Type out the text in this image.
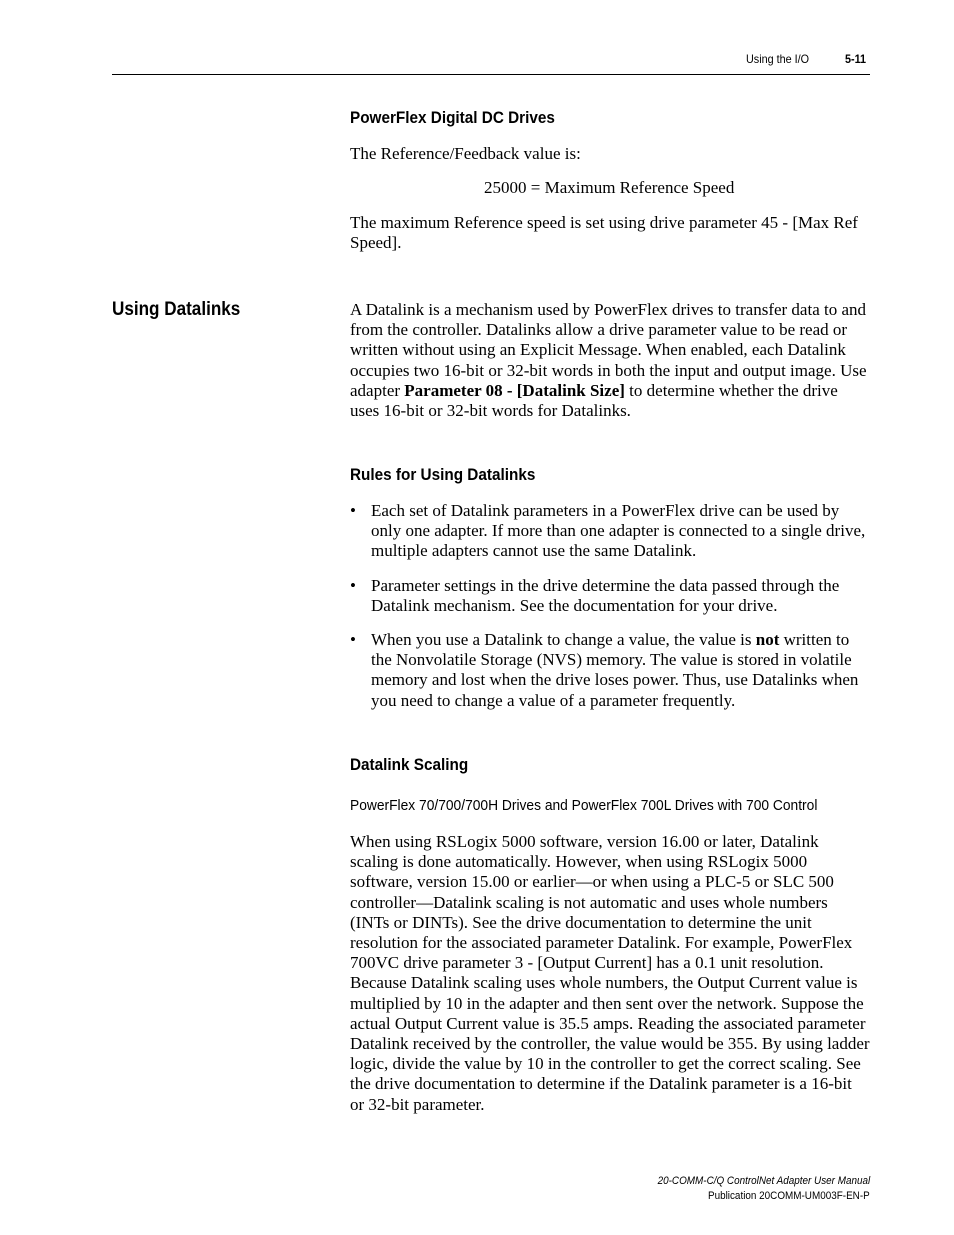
Using the I/O	5-11
PowerFlex Digital DC Drives
The Reference/Feedback value is:
25000 = Maximum Reference Speed
The maximum Reference speed is set using drive parameter 45 - [Max Ref Speed].
Using Datalinks	A Datalink is a mechanism used by PowerFlex drives to transfer data to and from the controller. Datalinks allow a drive parameter value to be read or written without using an Explicit Message. When enabled, each Datalink occupies two 16-bit or 32-bit words in both the input and output image. Use adapter Parameter 08 - [Datalink Size] to determine whether the drive uses 16-bit or 32-bit words for Datalinks.
Rules for Using Datalinks
• Each set of Datalink parameters in a PowerFlex drive can be used by only one adapter. If more than one adapter is connected to a single drive, multiple adapters cannot use the same Datalink.
• Parameter settings in the drive determine the data passed through the Datalink mechanism. See the documentation for your drive.
• When you use a Datalink to change a value, the value is not written to the Nonvolatile Storage (NVS) memory. The value is stored in volatile memory and lost when the drive loses power. Thus, use Datalinks when you need to change a value of a parameter frequently.
Datalink Scaling
PowerFlex 70/700/700H Drives and PowerFlex 700L Drives with 700 Control
When using RSLogix 5000 software, version 16.00 or later, Datalink scaling is done automatically. However, when using RSLogix 5000 software, version 15.00 or earlier—or when using a PLC-5 or SLC 500 controller—Datalink scaling is not automatic and uses whole numbers (INTs or DINTs). See the drive documentation to determine the unit resolution for the associated parameter Datalink. For example, PowerFlex 700VC drive parameter 3 - [Output Current] has a 0.1 unit resolution. Because Datalink scaling uses whole numbers, the Output Current value is multiplied by 10 in the adapter and then sent over the network. Suppose the actual Output Current value is 35.5 amps. Reading the associated parameter Datalink received by the controller, the value would be 355. By using ladder logic, divide the value by 10 in the controller to get the correct scaling. See the drive documentation to determine if the Datalink parameter is a 16-bit or 32-bit parameter.
20-COMM-C/Q ControlNet Adapter User Manual
Publication 20COMM-UM003F-EN-P
